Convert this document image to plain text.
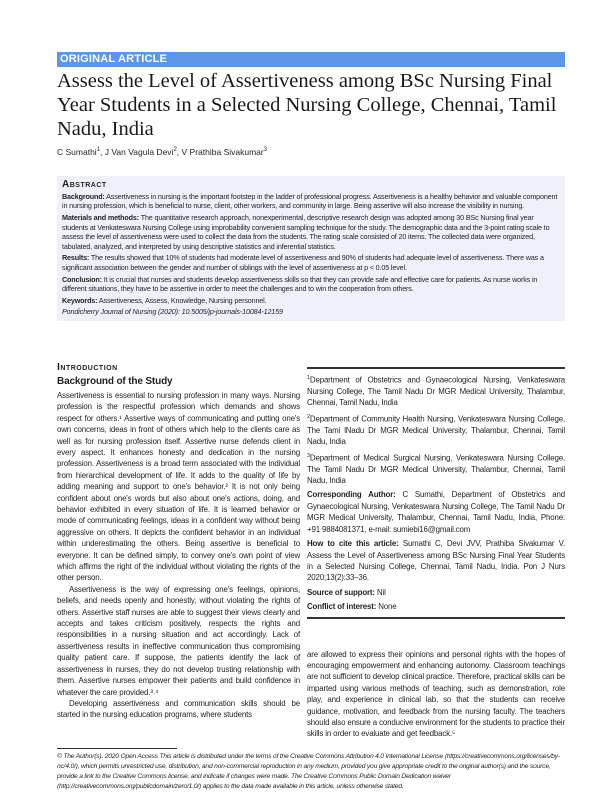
ORIGINAL ARTICLE
Assess the Level of Assertiveness among BSc Nursing Final Year Students in a Selected Nursing College, Chennai, Tamil Nadu, India
C Sumathi$^1$, J Van Vagula Devi$^2$, V Prathiba Sivakumar$^3$
Abstract

Background: Assertiveness in nursing is the important footstep in the ladder of professional progress. Assertiveness is a healthy behavior and valuable component in nursing profession, which is beneficial to nurse, client, other workers, and community in large. Being assertive will also increase the visibility in nursing.

Materials and methods: The quantitative research approach, nonexperimental, descriptive research design was adopted among 30 BSc Nursing final year students at Venkateswara Nursing College using improbability convenient sampling technique for the study. The demographic data and the 3-point rating scale to assess the level of assertiveness were used to collect the data from the students. The rating scale consisted of 20 items. The collected data were organized, tabulated, analyzed, and interpreted by using descriptive statistics and inferential statistics.

Results: The results showed that 10% of students had moderate level of assertiveness and 90% of students had adequate level of assertiveness. There was a significant association between the gender and number of siblings with the level of assertiveness at p < 0.05 level.

Conclusion: It is crucial that nurses and students develop assertiveness skills so that they can provide safe and effective care for patients. As nurse works in different situations, they have to be assertive in order to meet the challenges and to win the cooperation from others.

Keywords: Assertiveness, Assess, Knowledge, Nursing personnel.

Pondicherry Journal of Nursing (2020): 10.5005/jp-journals-10084-12159

Introduction
Background of the Study

Assertiveness is essential to nursing profession in many ways. Nursing profession is the respectful profession which demands and shows respect for others.¹ Assertive ways of communicating and putting one's own concerns, ideas in front of others which help to the clients care as well as for nursing profession itself. Assertive nurse defends client in every aspect. It enhances honesty and dedication in the nursing profession. Assertiveness is a broad term associated with the individual from hierarchical development of life. It adds to the quality of life by adding meaning and support to one's behavior.² It is not only being confident about one's words but also about one's actions, doing, and behavior exhibited in every situation of life. It is learned behavior or mode of communicating feelings, ideas in a confident way without being aggressive on others. It depicts the confident behavior in an individual within underestimating the others. Being assertive is beneficial to everyone. It can be defined simply, to convey one's own point of view which affirms the right of the individual without violating the rights of the other person.

Assertiveness is the way of expressing one's feelings, opinions, beliefs, and needs openly and honestly, without violating the rights of others. Assertive staff nurses are able to suggest their views clearly and accepts and takes criticism positively, respects the rights and responsibilities in a nursing situation and act accordingly. Lack of assertiveness results in ineffective communication thus compromising quality patient care. If suppose, the patients identify the lack of assertiveness in nurses, they do not develop trusting relationship with them. Assertive nurses empower their patients and build confidence in whatever the care provided.³˒⁴

Developing assertiveness and communication skills should be started in the nursing education programs, where students

$^1$Department of Obstetrics and Gynaecological Nursing, Venkateswara Nursing College, The Tamil Nadu Dr MGR Medical University, Thalambur, Chennai, Tamil Nadu, India

$^2$Department of Community Health Nursing, Venkateswara Nursing College, The Tami lNadu Dr MGR Medical University, Thalambur, Chennai, Tamil Nadu, India

$^3$Department of Medical Surgical Nursing, Venkateswara Nursing College, The Tamil Nadu Dr MGR Medical University, Thalambur, Chennai, Tamil Nadu, India

Corresponding Author: C Sumathi, Department of Obstetrics and Gynaecological Nursing, Venkateswara Nursing College, The Tamil Nadu Dr MGR Medical University, Thalambur, Chennai, Tamil Nadu, India, Phone: +91 9884081371, e-mail: sumiebi16@gmail.com

How to cite this article: Sumathi C, Devi JVV, Prathiba Sivakumar V. Assess the Level of Assertiveness among BSc Nursing Final Year Students in a Selected Nursing College, Chennai, Tamil Nadu, India. Pon J Nurs 2020;13(2):33–36.

Source of support: Nil

Conflict of interest: None

are allowed to express their opinions and personal rights with the hopes of encouraging empowerment and enhancing autonomy. Classroom teachings are not sufficient to develop clinical practice. Therefore, practical skills can be imparted using various methods of teaching, such as demonstration, role play, and experience in clinical lab, so that the students can receive guidance, motivation, and feedback from the nursing faculty. The teachers should also ensure a conducive environment for the students to practice their skills in order to evaluate and get feedback.⁵

© The Author(s). 2020 Open Access This article is distributed under the terms of the Creative Commons Attribution 4.0 International License (https://creativecommons.org/licenses/by-nc/4.0/), which permits unrestricted use, distribution, and non-commercial reproduction in any medium, provided you give appropriate credit to the original author(s) and the source, provide a link to the Creative Commons license, and indicate if changes were made. The Creative Commons Public Domain Dedication waiver (http://creativecommons.org/publicdomain/zero/1.0/) applies to the data made available in this article, unless otherwise stated.
